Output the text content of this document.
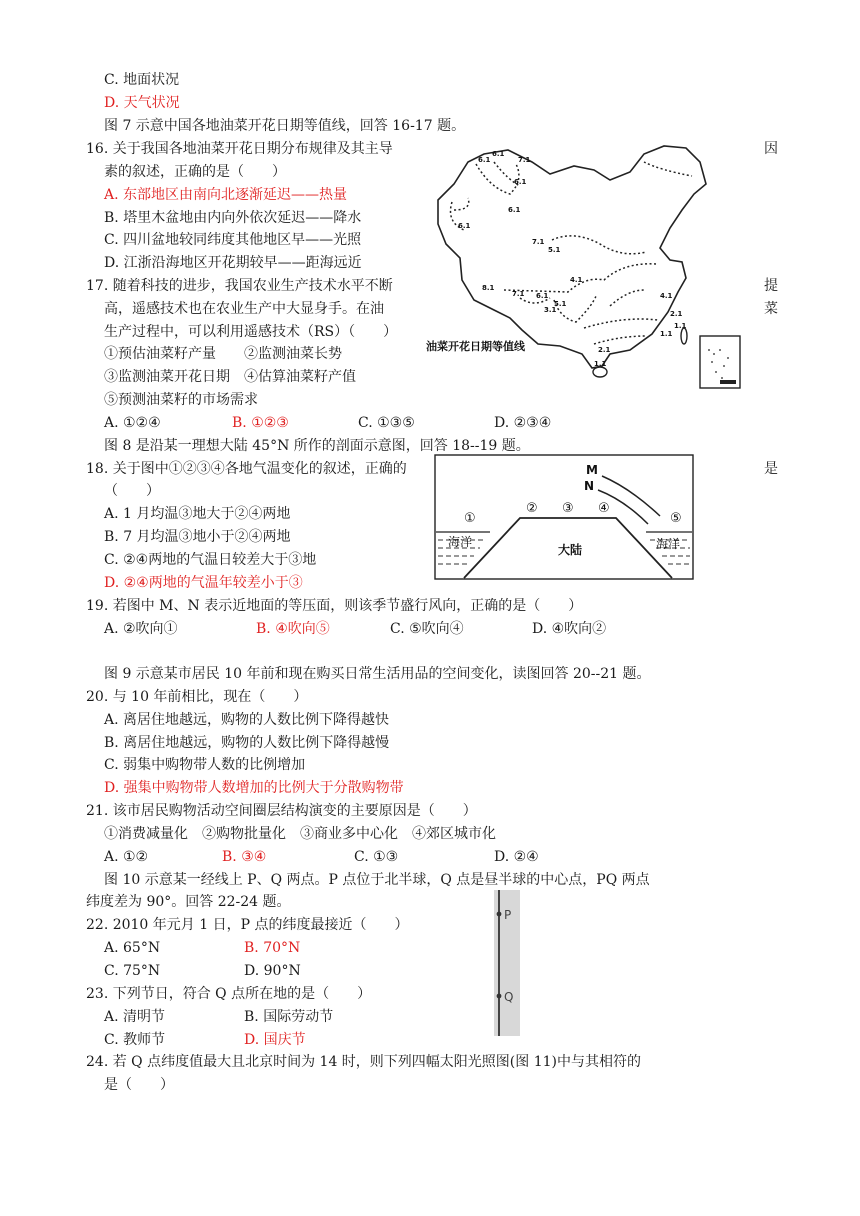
C. 地面状况
D. 天气状况
图 7 示意中国各地油菜开花日期等值线，回答 16-17 题。
16. 关于我国各地油菜开花日期分布规律及其主导	因
素的叙述，正确的是（　　）
A. 东部地区由南向北逐渐延迟——热量
B. 塔里木盆地由内向外依次延迟——降水
C. 四川盆地较同纬度其他地区早——光照
D. 江浙沿海地区开花期较早——距海远近
17. 随着科技的进步，我国农业生产技术水平不断	提
高，遥感技术也在农业生产中大显身手。在油	菜
生产过程中，可以利用遥感技术（RS）（　　）
①预估油菜籽产量　　②监测油菜长势
③监测油菜开花日期　④估算油菜籽产值
⑤预测油菜籽的市场需求
A. ①②④	B. ①②③	C. ①③⑤	D. ②③④
图 8 是沿某一理想大陆 45°N 所作的剖面示意图，回答 18--19 题。
18. 关于图中①②③④各地气温变化的叙述，正确的	是
（　　）
A. 1 月均温③地大于②④两地
B. 7 月均温③地小于②④两地
C. ②④两地的气温日较差大于③地
D. ②④两地的气温年较差小于③
19. 若图中 M、N 表示近地面的等压面，则该季节盛行风向，正确的是（　　）
A. ②吹向①	B. ④吹向⑤	C. ⑤吹向④	D. ④吹向②
图 9 示意某市居民 10 年前和现在购买日常生活用品的空间变化，读图回答 20--21 题。
20. 与 10 年前相比，现在（　　）
A. 离居住地越远，购物的人数比例下降得越快
B. 离居住地越远，购物的人数比例下降得越慢
C. 弱集中购物带人数的比例增加
D. 强集中购物带人数增加的比例大于分散购物带
21. 该市居民购物活动空间圈层结构演变的主要原因是（　　）
①消费减量化　②购物批量化　③商业多中心化　④郊区城市化
A. ①②	B. ③④	C. ①③	D. ②④
图 10 示意某一经线上 P、Q 两点。P 点位于北半球，Q 点是昼半球的中心点，PQ 两点
纬度差为 90°。回答 22-24 题。
22. 2010 年元月 1 日，P 点的纬度最接近（　　）
A. 65°N	B. 70°N
C. 75°N	D. 90°N
23. 下列节日，符合 Q 点所在地的是（　　）
A. 清明节	B. 国际劳动节
C. 教师节	D. 国庆节
24. 若 Q 点纬度值最大且北京时间为 14 时，则下列四幅太阳光照图(图 11)中与其相符的
是（　　）
6.1
6.1
7.1
6.1
6.1
6.1
7.1
5.1
4.1
8.1
7.1 6.1
5.1
3.1
4.1
2.1
1.1
2.1
1.1
1.1
油菜开花日期等值线
海洋
大陆	海洋
M
N
①
② ③ ④
⑤
P
Q
